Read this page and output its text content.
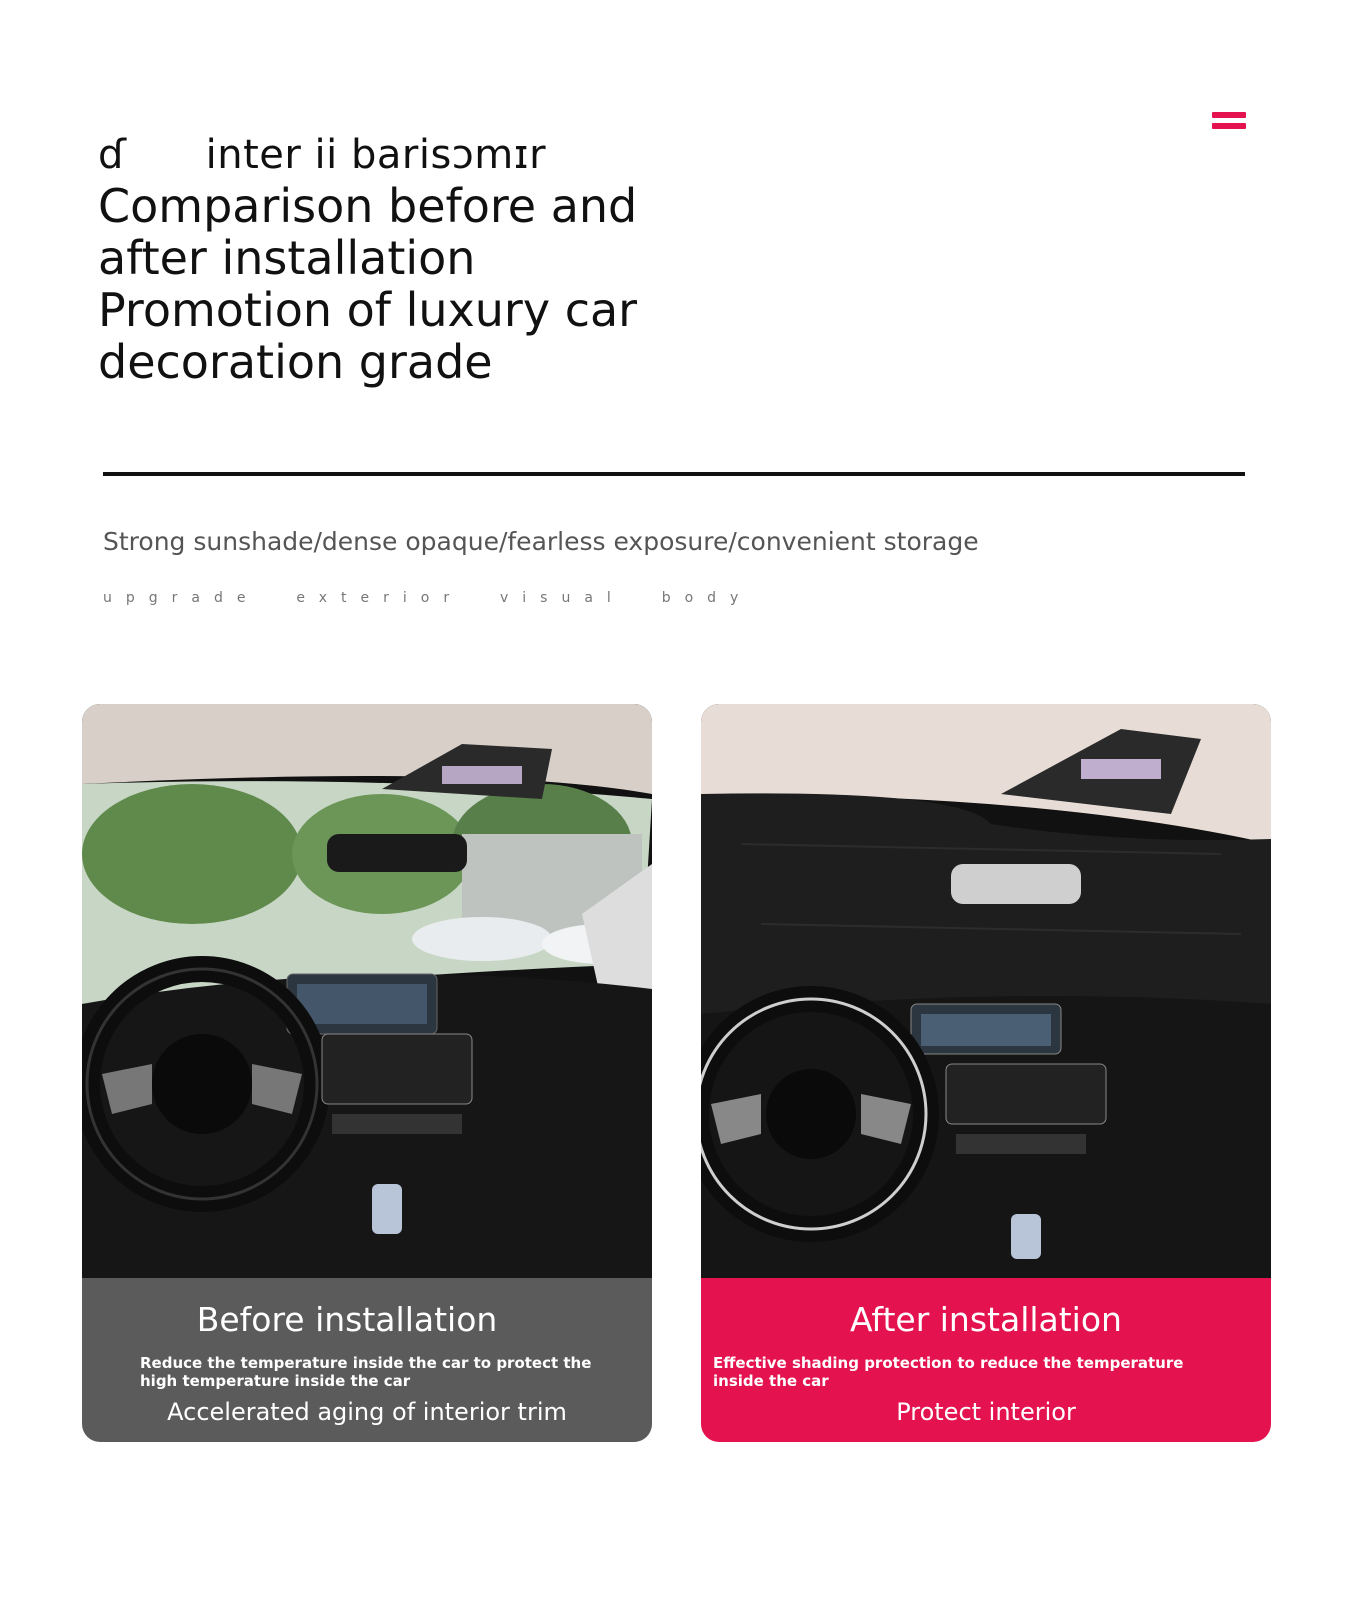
ɗ      inter ii barisɔmɪr
Comparison before and
after installation
Promotion of luxury car
decoration grade
Strong sunshade/dense opaque/fearless exposure/convenient storage
upgrade  exterior  visual  body
Before installation
Reduce the temperature inside the car to protect the high temperature inside the car
Accelerated aging of interior trim
After installation
Effective shading protection to reduce the temperature inside the car
Protect interior
